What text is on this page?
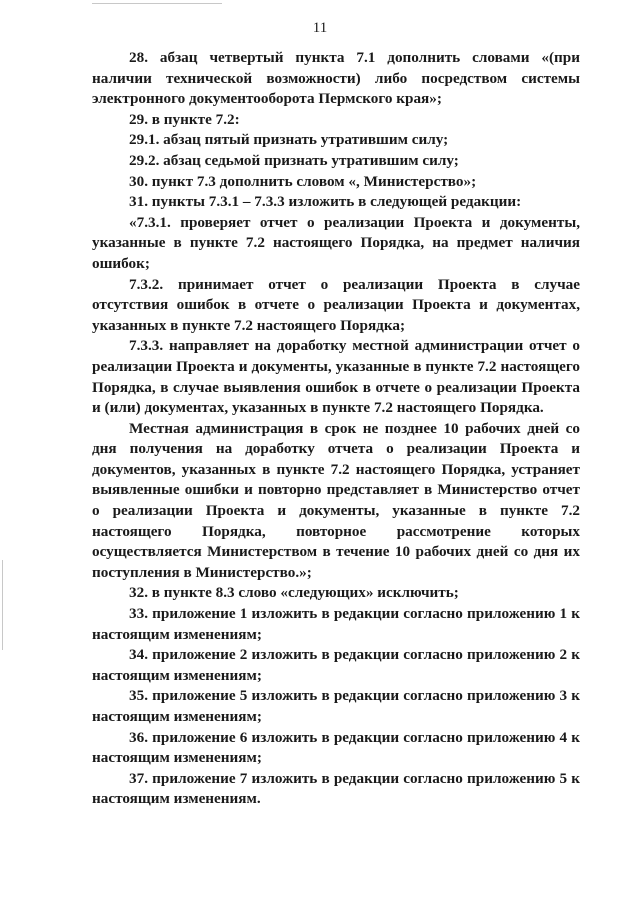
11

28. абзац четвертый пункта 7.1 дополнить словами «(при наличии технической возможности) либо посредством системы электронного документооборота Пермского края»;

29. в пункте 7.2:

29.1. абзац пятый признать утратившим силу;

29.2. абзац седьмой признать утратившим силу;

30. пункт 7.3 дополнить словом «, Министерство»;

31. пункты 7.3.1 – 7.3.3 изложить в следующей редакции:

«7.3.1. проверяет отчет о реализации Проекта и документы, указанные в пункте 7.2 настоящего Порядка, на предмет наличия ошибок;

7.3.2. принимает отчет о реализации Проекта в случае отсутствия ошибок в отчете о реализации Проекта и документах, указанных в пункте 7.2 настоящего Порядка;

7.3.3. направляет на доработку местной администрации отчет о реализации Проекта и документы, указанные в пункте 7.2 настоящего Порядка, в случае выявления ошибок в отчете о реализации Проекта и (или) документах, указанных в пункте 7.2 настоящего Порядка.

Местная администрация в срок не позднее 10 рабочих дней со дня получения на доработку отчета о реализации Проекта и документов, указанных в пункте 7.2 настоящего Порядка, устраняет выявленные ошибки и повторно представляет в Министерство отчет о реализации Проекта и документы, указанные в пункте 7.2 настоящего Порядка, повторное рассмотрение которых осуществляется Министерством в течение 10 рабочих дней со дня их поступления в Министерство.»;

32. в пункте 8.3 слово «следующих» исключить;

33. приложение 1 изложить в редакции согласно приложению 1 к настоящим изменениям;

34. приложение 2 изложить в редакции согласно приложению 2 к настоящим изменениям;

35. приложение 5 изложить в редакции согласно приложению 3 к настоящим изменениям;

36. приложение 6 изложить в редакции согласно приложению 4 к настоящим изменениям;

37. приложение 7 изложить в редакции согласно приложению 5 к настоящим изменениям.
